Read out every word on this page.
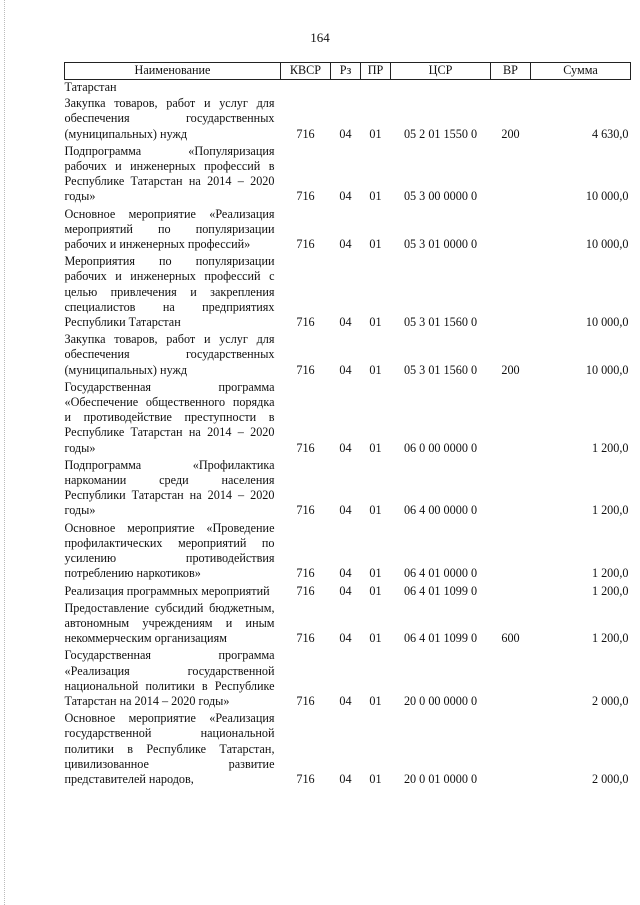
164
Наименование	КВСР	Рз	ПР	ЦСР	ВР	Сумма
Татарстан						
Закупка товаров, работ и услуг для обеспечения государственных (муниципальных) нужд	716	04	01	05 2 01 1550 0	200	4 630,0
Подпрограмма «Популяризация рабочих и инженерных профессий в Республике Татарстан на 2014 – 2020 годы»	716	04	01	05 3 00 0000 0		10 000,0
Основное мероприятие «Реализация мероприятий по популяризации рабочих и инженерных профессий»	716	04	01	05 3 01 0000 0		10 000,0
Мероприятия по популяризации рабочих и инженерных профессий с целью привлечения и закрепления специалистов на предприятиях Республики Татарстан	716	04	01	05 3 01 1560 0		10 000,0
Закупка товаров, работ и услуг для обеспечения государственных (муниципальных) нужд	716	04	01	05 3 01 1560 0	200	10 000,0
Государственная программа «Обеспечение общественного порядка и противодействие преступности в Республике Татарстан на 2014 – 2020 годы»	716	04	01	06 0 00 0000 0		1 200,0
Подпрограмма «Профилактика наркомании среди населения Республики Татарстан на 2014 – 2020 годы»	716	04	01	06 4 00 0000 0		1 200,0
Основное мероприятие «Проведение профилактических мероприятий по усилению противодействия потреблению наркотиков»	716	04	01	06 4 01 0000 0		1 200,0
Реализация программных мероприятий	716	04	01	06 4 01 1099 0		1 200,0
Предоставление субсидий бюджетным, автономным учреждениям и иным некоммерческим организациям	716	04	01	06 4 01 1099 0	600	1 200,0
Государственная программа «Реализация государственной национальной политики в Республике Татарстан на 2014 – 2020 годы»	716	04	01	20 0 00 0000 0		2 000,0
Основное мероприятие «Реализация государственной национальной политики в Республике Татарстан, цивилизованное развитие представителей народов,	716	04	01	20 0 01 0000 0		2 000,0
